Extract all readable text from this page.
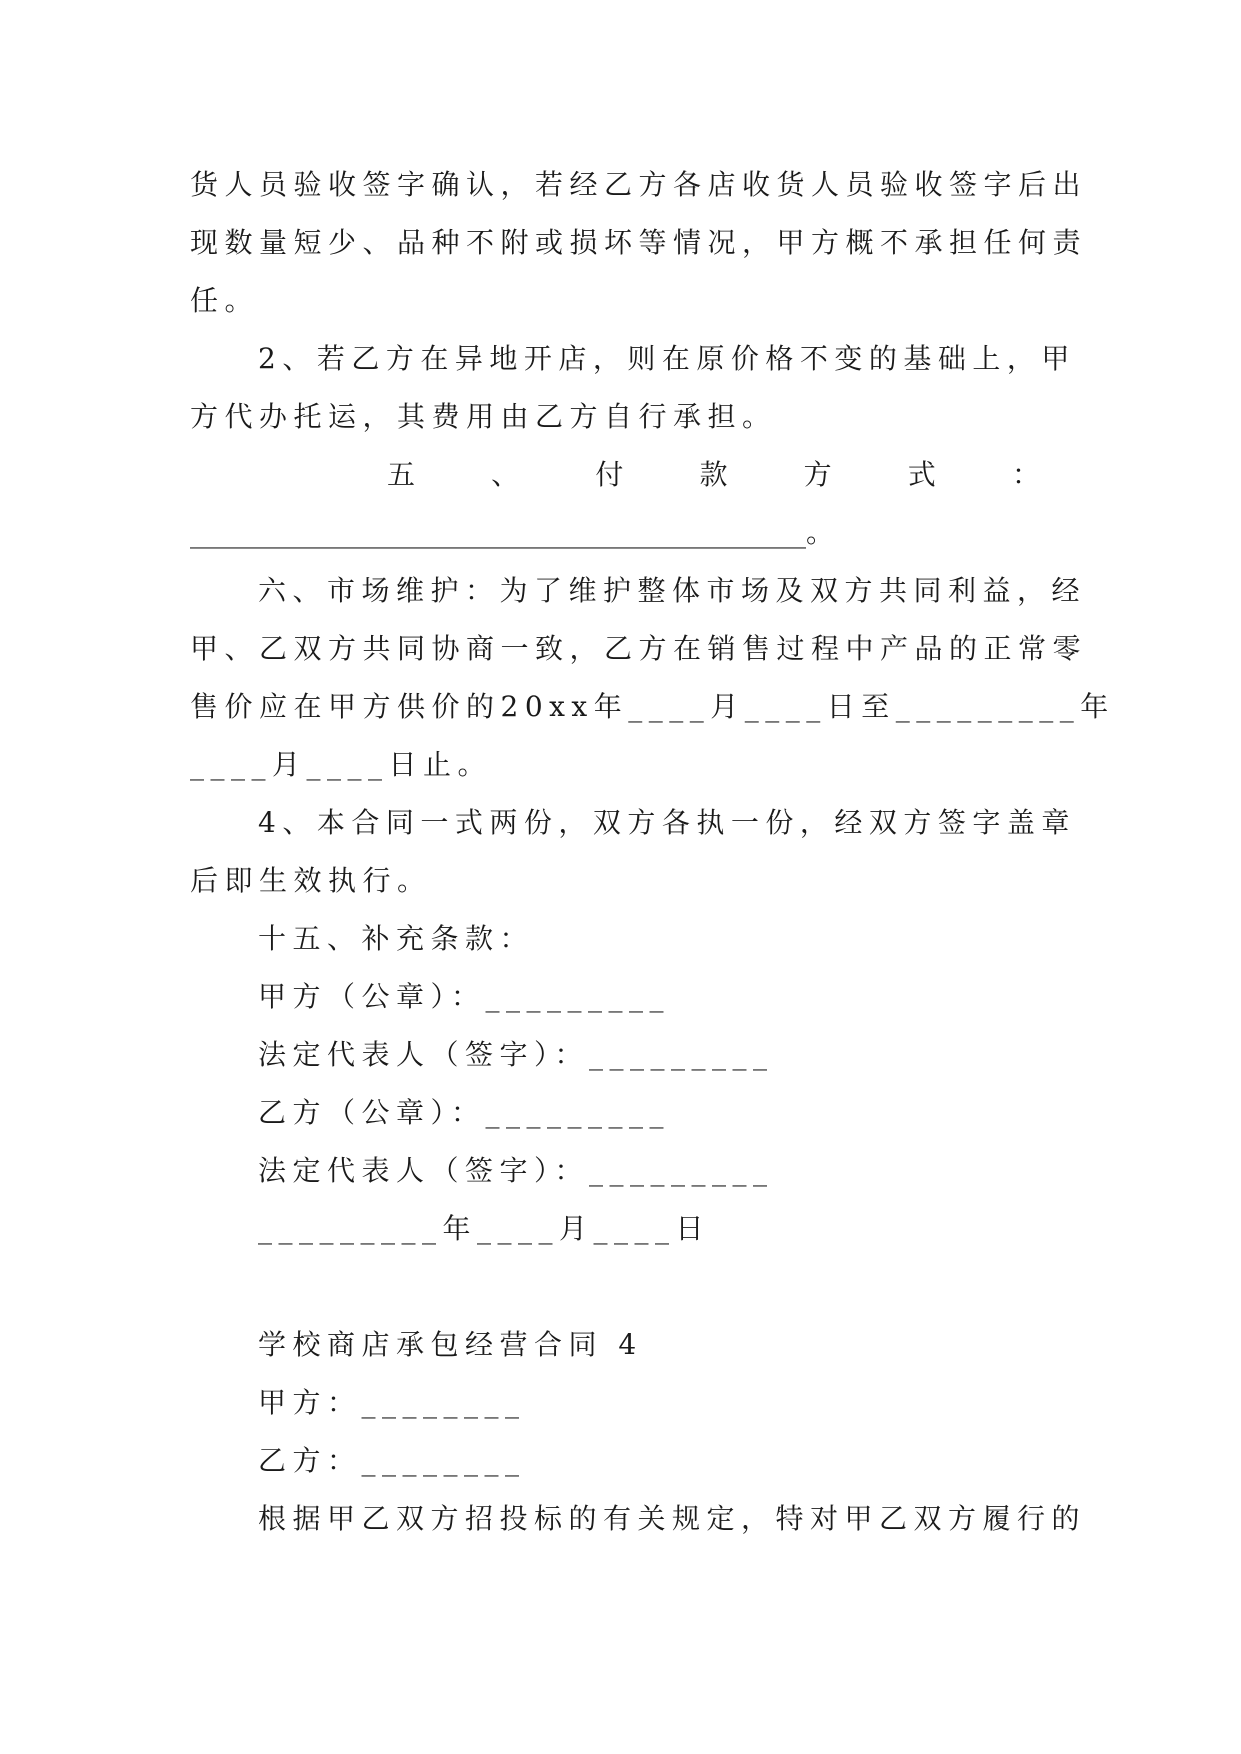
货人员验收签字确认，若经乙方各店收货人员验收签字后出
现数量短少、品种不附或损坏等情况，甲方概不承担任何责
任。
2、若乙方在异地开店，则在原价格不变的基础上，甲
方代办托运，其费用由乙方自行承担。
五	、	付	款	方	式	：
____________________________________________。
六、市场维护：为了维护整体市场及双方共同利益，经
甲、乙双方共同协商一致，乙方在销售过程中产品的正常零
售价应在甲方供价的20xx年____月____日至_________年
____月____日止。
4、本合同一式两份，双方各执一份，经双方签字盖章
后即生效执行。
十五、补充条款：
甲方（公章）：_________
法定代表人（签字）：_________
乙方（公章）：_________
法定代表人（签字）：_________
_________年____月____日
学校商店承包经营合同 4
甲方：________
乙方：________
根据甲乙双方招投标的有关规定，特对甲乙双方履行的
